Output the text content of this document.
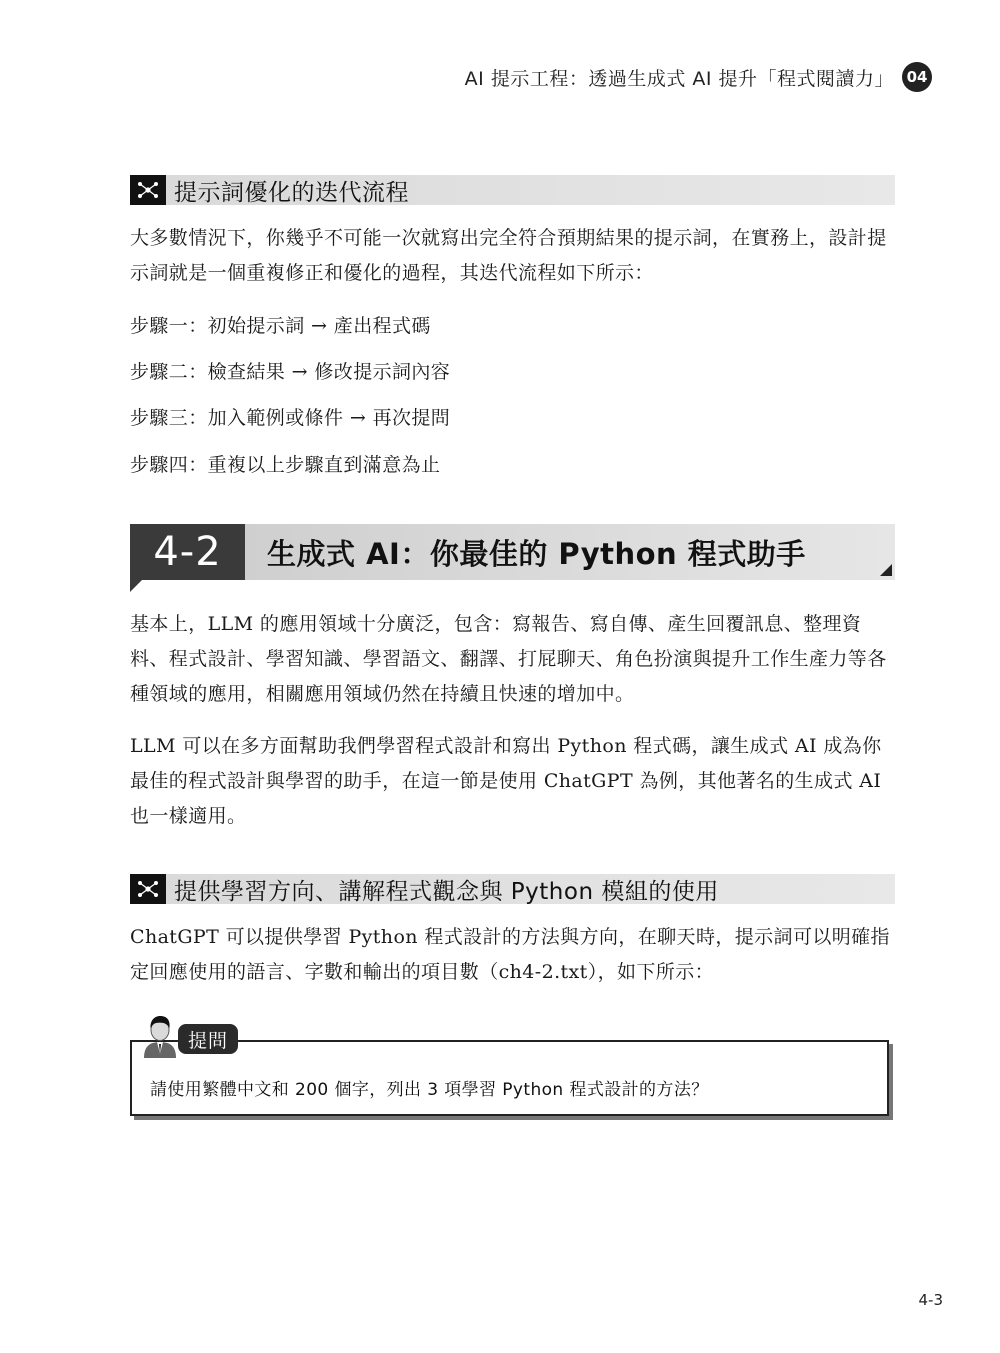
AI 提示工程：透過生成式 AI 提升「程式閱讀力」 04
提示詞優化的迭代流程

大多數情況下，你幾乎不可能一次就寫出完全符合預期結果的提示詞，在實務上，設計提示詞就是一個重複修正和優化的過程，其迭代流程如下所示：

步驟一：初始提示詞 → 產出程式碼
步驟二：檢查結果 → 修改提示詞內容
步驟三：加入範例或條件 → 再次提問
步驟四：重複以上步驟直到滿意為止
4-2	生成式 AI：你最佳的 Python 程式助手

基本上，LLM 的應用領域十分廣泛，包含：寫報告、寫自傳、產生回覆訊息、整理資料、程式設計、學習知識、學習語文、翻譯、打屁聊天、角色扮演與提升工作生產力等各種領域的應用，相關應用領域仍然在持續且快速的增加中。

LLM 可以在多方面幫助我們學習程式設計和寫出 Python 程式碼，讓生成式 AI 成為你最佳的程式設計與學習的助手，在這一節是使用 ChatGPT 為例，其他著名的生成式 AI 也一樣適用。

提供學習方向、講解程式觀念與 Python 模組的使用

ChatGPT 可以提供學習 Python 程式設計的方法與方向，在聊天時，提示詞可以明確指定回應使用的語言、字數和輸出的項目數（ch4-2.txt），如下所示：

請使用繁體中文和 200 個字，列出 3 項學習 Python 程式設計的方法？
提問
4-3
